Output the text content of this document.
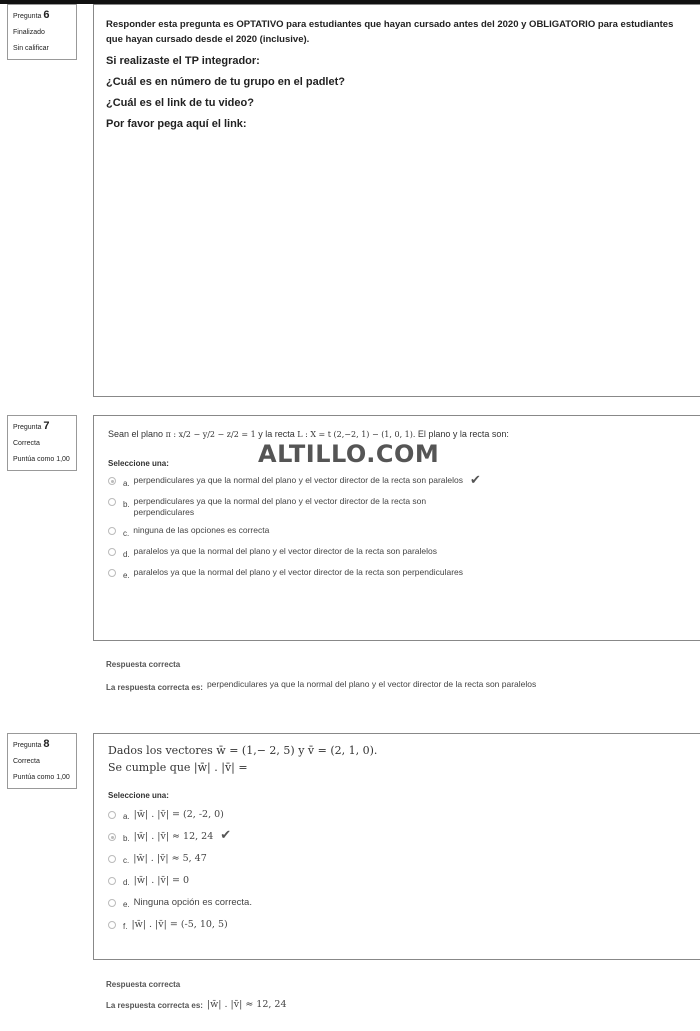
Pregunta 6
Finalizado
Sin calificar
Responder esta pregunta es OPTATIVO para estudiantes que hayan cursado antes del 2020 y OBLIGATORIO para estudiantes que hayan cursado desde el 2020 (inclusive).
Si realizaste el TP integrador:
¿Cuál es en número de tu grupo en el padlet?
¿Cuál es el link de tu video?
Por favor pega aquí el link:
Pregunta 7
Correcta
Puntúa como 1,00
Sean el plano π : x/2 − y/2 − z/2 = 1 y la recta L : X = t (2,−2, 1) − (1, 0, 1). El plano y la recta son:
ALTILLO.COM
Seleccione una:
a. perpendiculares ya que la normal del plano y el vector director de la recta son paralelos ✔
b. perpendiculares ya que la normal del plano y el vector director de la recta son perpendiculares
c. ninguna de las opciones es correcta
d. paralelos ya que la normal del plano y el vector director de la recta son paralelos
e. paralelos ya que la normal del plano y el vector director de la recta son perpendiculares
Respuesta correcta
La respuesta correcta es: perpendiculares ya que la normal del plano y el vector director de la recta son paralelos
Pregunta 8
Correcta
Puntúa como 1,00
Dados los vectores w̄ = (1,− 2, 5) y v̄ = (2, 1, 0).
Se cumple que |w̄| . |v̄| =
Seleccione una:
a. |w̄| . |v̄| = (2, -2, 0)
b. |w̄| . |v̄| ≈ 12, 24 ✔
c. |w̄| . |v̄| ≈ 5, 47
d. |w̄| . |v̄| = 0
e. Ninguna opción es correcta.
f. |w̄| . |v̄| = (-5, 10, 5)
Respuesta correcta
La respuesta correcta es: |w̄| . |v̄| ≈ 12, 24
